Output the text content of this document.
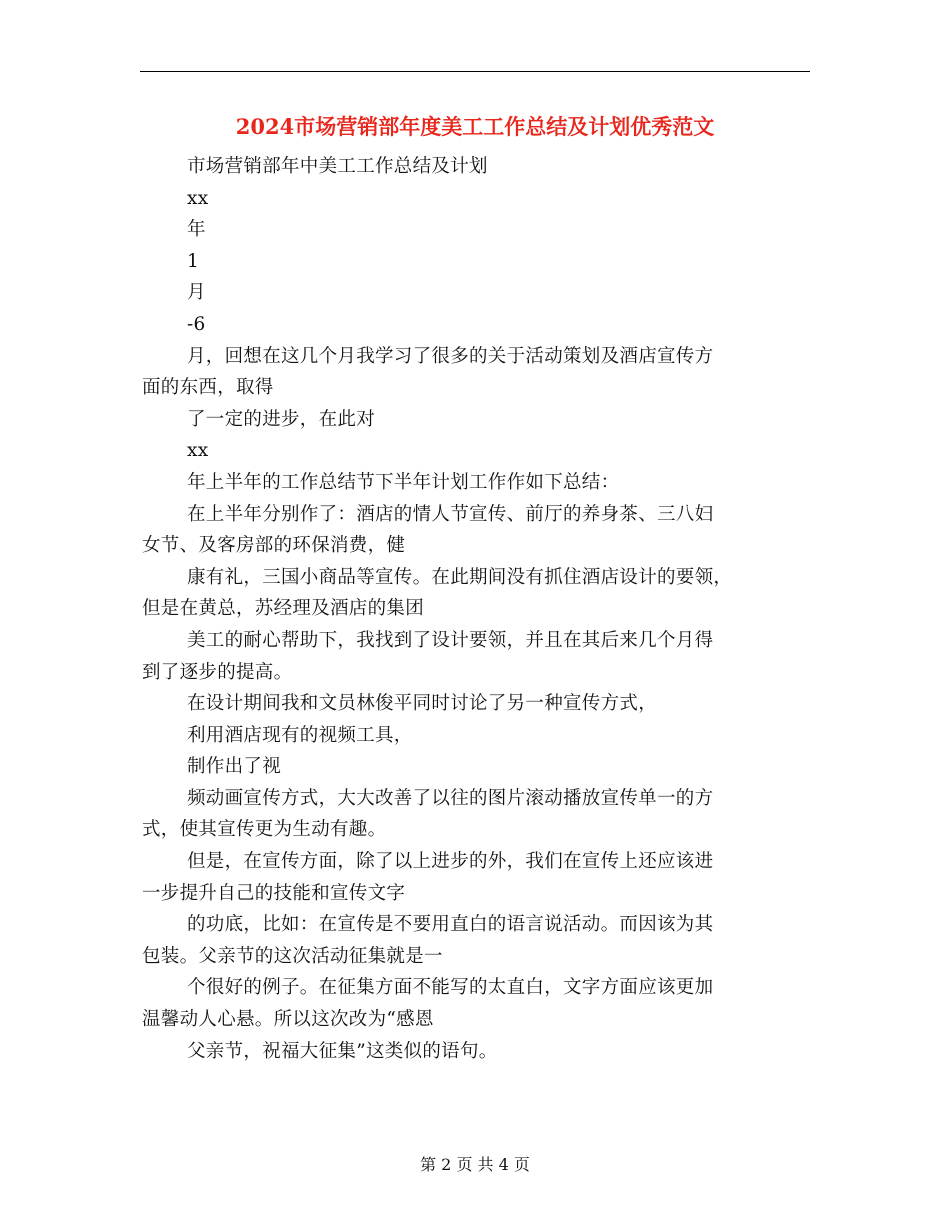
2024市场营销部年度美工工作总结及计划优秀范文
市场营销部年中美工工作总结及计划
xx
年
1
月
-6
月，回想在这几个月我学习了很多的关于活动策划及酒店宣传方
面的东西，取得
了一定的进步，在此对
xx
年上半年的工作总结节下半年计划工作作如下总结：
在上半年分别作了：酒店的情人节宣传、前厅的养身茶、三八妇
女节、及客房部的环保消费，健
康有礼，三国小商品等宣传。在此期间没有抓住酒店设计的要领，
但是在黄总，苏经理及酒店的集团
美工的耐心帮助下，我找到了设计要领，并且在其后来几个月得
到了逐步的提高。
在设计期间我和文员林俊平同时讨论了另一种宣传方式，
利用酒店现有的视频工具，
制作出了视
频动画宣传方式，大大改善了以往的图片滚动播放宣传单一的方
式，使其宣传更为生动有趣。
但是，在宣传方面，除了以上进步的外，我们在宣传上还应该进
一步提升自己的技能和宣传文字
的功底，比如：在宣传是不要用直白的语言说活动。而因该为其
包装。父亲节的这次活动征集就是一
个很好的例子。在征集方面不能写的太直白，文字方面应该更加
温馨动人心悬。所以这次改为“感恩
父亲节，祝福大征集”这类似的语句。
第 2 页 共 4 页
